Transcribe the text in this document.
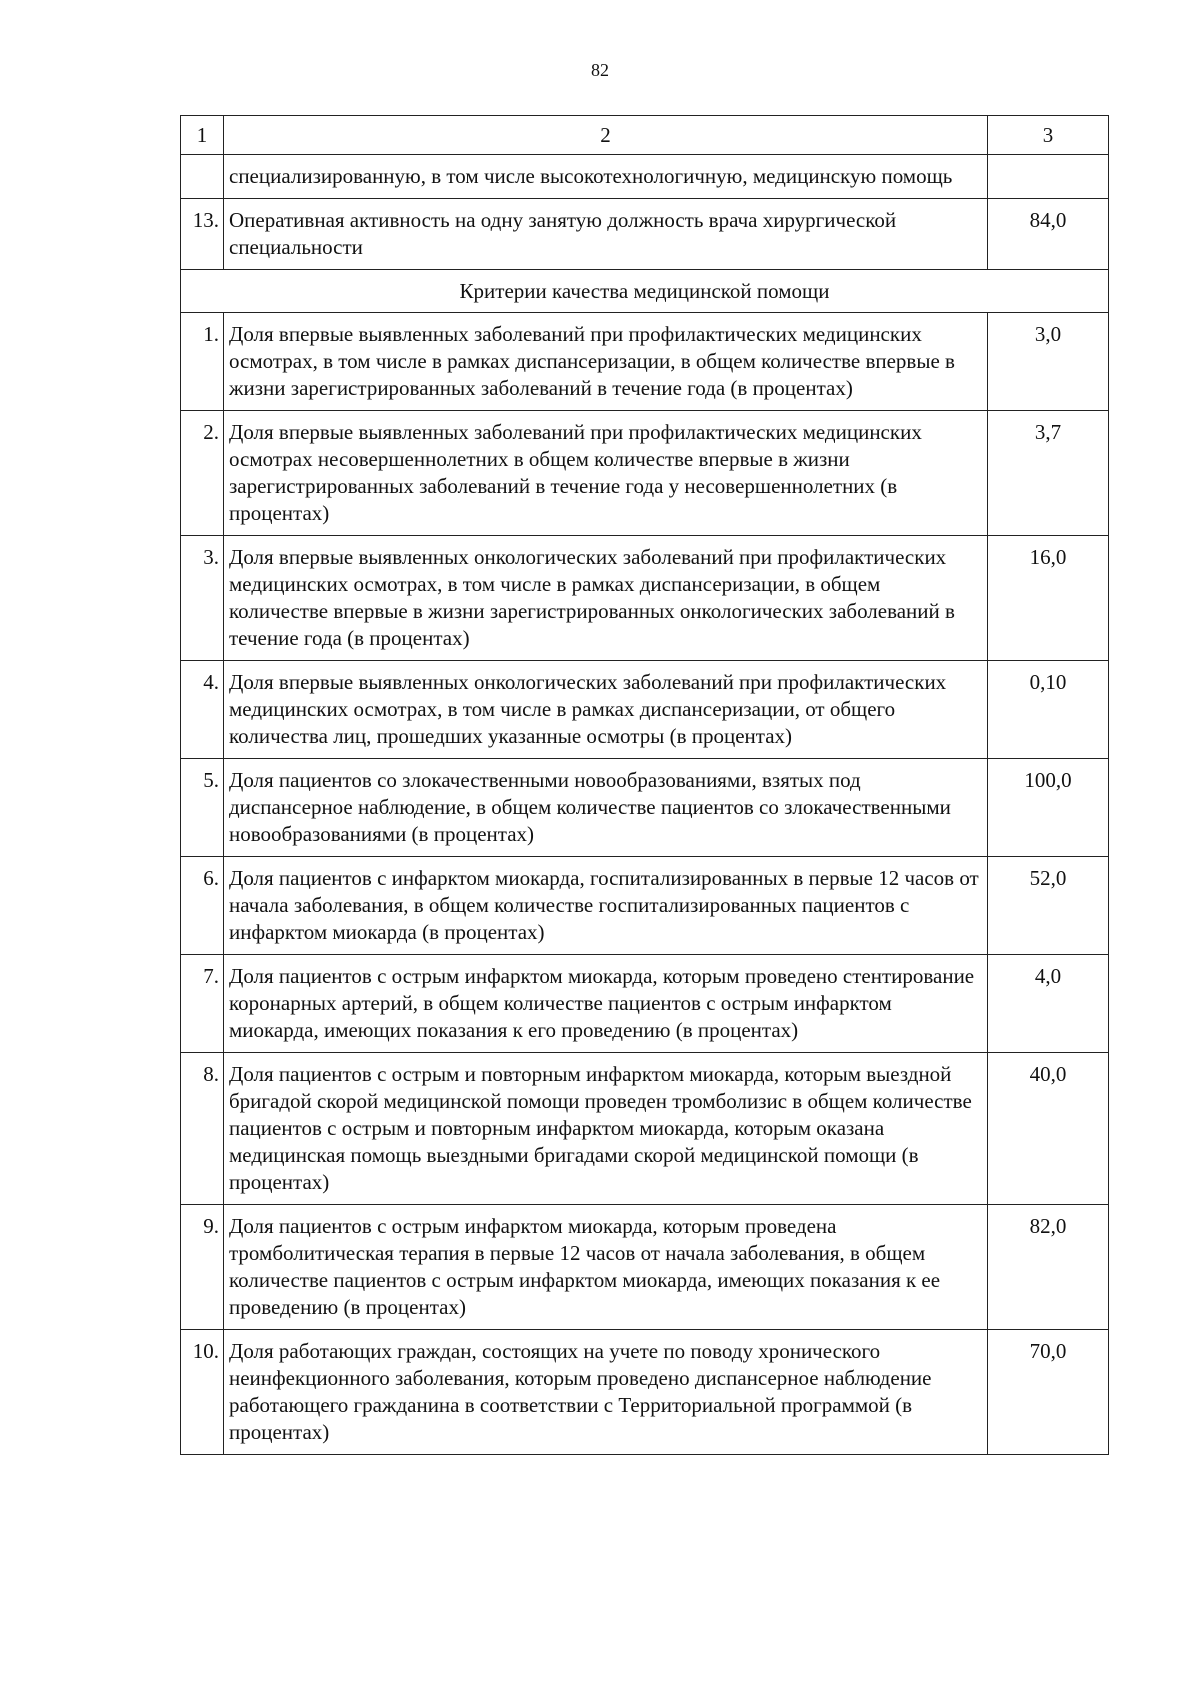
82
1	2	3
	специализированную, в том числе высокотехнологичную, медицинскую помощь	
13.	Оперативная активность на одну занятую должность врача хирургической специальности	84,0
Критерии качества медицинской помощи		
1.	Доля впервые выявленных заболеваний при профилактических медицинских осмотрах, в том числе в рамках диспансеризации, в общем количестве впервые в жизни зарегистрированных заболеваний в течение года (в процентах)	3,0
2.	Доля впервые выявленных заболеваний при профилактических медицинских осмотрах несовершеннолетних в общем количестве впервые в жизни зарегистрированных заболеваний в течение года у несовершеннолетних (в процентах)	3,7
3.	Доля впервые выявленных онкологических заболеваний при профилактических медицинских осмотрах, в том числе в рамках диспансеризации, в общем количестве впервые в жизни зарегистрированных онкологических заболеваний в течение года (в процентах)	16,0
4.	Доля впервые выявленных онкологических заболеваний при профилактических медицинских осмотрах, в том числе в рамках диспансеризации, от общего количества лиц, прошедших указанные осмотры (в процентах)	0,10
5.	Доля пациентов со злокачественными новообразованиями, взятых под диспансерное наблюдение, в общем количестве пациентов со злокачественными новообразованиями (в процентах)	100,0
6.	Доля пациентов с инфарктом миокарда, госпитализированных в первые 12 часов от начала заболевания, в общем количестве госпитализированных пациентов с инфарктом миокарда (в процентах)	52,0
7.	Доля пациентов с острым инфарктом миокарда, которым проведено стентирование коронарных артерий, в общем количестве пациентов с острым инфарктом миокарда, имеющих показания к его проведению (в процентах)	4,0
8.	Доля пациентов с острым и повторным инфарктом миокарда, которым выездной бригадой скорой медицинской помощи проведен тромболизис в общем количестве пациентов с острым и повторным инфарктом миокарда, которым оказана медицинская помощь выездными бригадами скорой медицинской помощи (в процентах)	40,0
9.	Доля пациентов с острым инфарктом миокарда, которым проведена тромболитическая терапия в первые 12 часов от начала заболевания, в общем количестве пациентов с острым инфарктом миокарда, имеющих показания к ее проведению (в процентах)	82,0
10.	Доля работающих граждан, состоящих на учете по поводу хронического неинфекционного заболевания, которым проведено диспансерное наблюдение работающего гражданина в соответствии с Территориальной программой (в процентах)	70,0
